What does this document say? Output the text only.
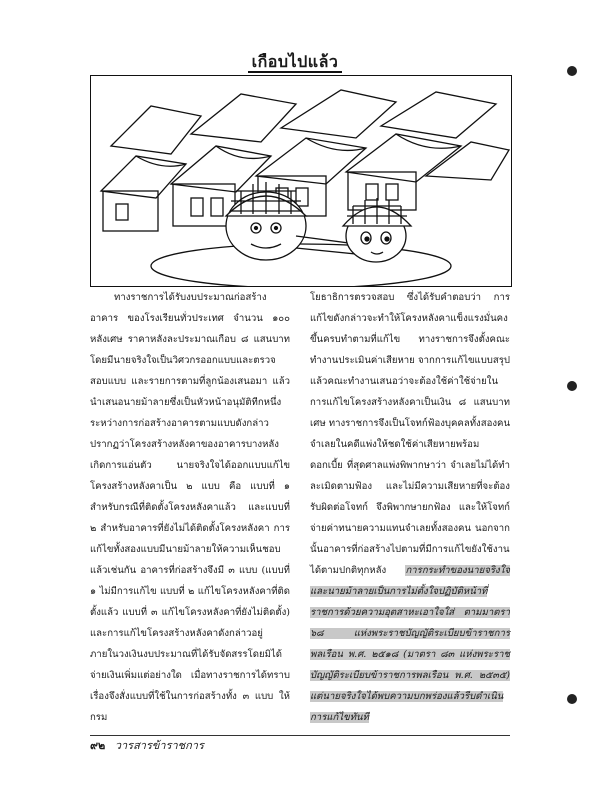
เกือบไปแล้ว

ทางราชการได้รับงบประมาณก่อสร้างอาคาร ของโรงเรียนทั่วประเทศ จำนวน ๑๐๐ หลังเศษ ราคาหลังละประมาณเกือบ ๘ แสนบาท โดยมีนายจริงใจเป็นวิศวกรออกแบบและตรวจสอบแบบ และรายการตามที่ลูกน้องเสนอมา แล้วนำเสนอนายม้าลายซึ่งเป็นหัวหน้าอนุมัติทีกหนึ่ง ระหว่างการก่อสร้างอาคารตามแบบดังกล่าว ปรากฏว่าโครงสร้างหลังคาของอาคารบางหลังเกิดการแอ่นตัว นายจริงใจได้ออกแบบแก้ไขโครงสร้างหลังคาเป็น ๒ แบบ คือ แบบที่ ๑ สำหรับกรณีที่ติดตั้งโครงหลังคาแล้ว และแบบที่ ๒ สำหรับอาคารที่ยังไม่ได้ติดตั้งโครงหลังคา การแก้ไขทั้งสองแบบมีนายม้าลายให้ความเห็นชอบแล้วเช่นกัน อาคารที่ก่อสร้างจึงมี ๓ แบบ (แบบที่ ๑ ไม่มีการแก้ไข แบบที่ ๒ แก้ไขโครงหลังคาที่ติดตั้งแล้ว แบบที่ ๓ แก้ไขโครงหลังคาที่ยังไม่ติดตั้ง) และการแก้ไขโครงสร้างหลังคาดังกล่าวอยู่ภายในวงเงินงบประมาณที่ได้รับจัดสรรโดยมิได้จ่ายเงินเพิ่มแต่อย่างใด เมื่อทางราชการได้ทราบเรื่องจึงสั่งแบบที่ใช้ในการก่อสร้างทั้ง ๓ แบบ ให้กรม

โยธาธิการตรวจสอบ ซึ่งได้รับคำตอบว่า การแก้ไขดังกล่าวจะทำให้โครงหลังคาแข็งแรงมั่นคงขึ้นครบทำตามที่แก้ไข ทางราชการจึงตั้งคณะทำงานประเมินค่าเสียหาย จากการแก้ไขแบบสรุปแล้วคณะทำงานเสนอว่าจะต้องใช้ค่าใช้จ่ายในการแก้ไขโครงสร้างหลังคาเป็นเงิน ๘ แสนบาทเศษ ทางราชการจึงเป็นโจทก์ฟ้องบุคคลทั้งสองคนจำเลยในคดีแพ่งให้ชดใช้ค่าเสียหายพร้อมดอกเบี้ย ที่สุดศาลแพ่งพิพากษาว่า จำเลยไม่ได้ทำละเมิดตามฟ้อง และไม่มีความเสียหายที่จะต้องรับผิดต่อโจทก์ จึงพิพากษายกฟ้อง และให้โจทก์จ่ายค่าทนายความแทนจำเลยทั้งสองคน นอกจากนั้นอาคารที่ก่อสร้างไปตามที่มีการแก้ไขยังใช้งานได้ตามปกติทุกหลัง การกระทำของนายจริงใจและนายม้าลายเป็นการไม่ตั้งใจปฏิบัติหน้าที่ราชการด้วยความอุตสาหะเอาใจใส่ ตามมาตรา ๖๘ แห่งพระราชบัญญัติระเบียบข้าราชการพลเรือน พ.ศ. ๒๕๑๘ (มาตรา ๘๓ แห่งพระราชบัญญัติระเบียบข้าราชการพลเรือน พ.ศ. ๒๕๓๕) แต่นายจริงใจได้พบความบกพร่องแล้วรีบดำเนินการแก้ไขทันที

๙๒ วารสารข้าราชการ
